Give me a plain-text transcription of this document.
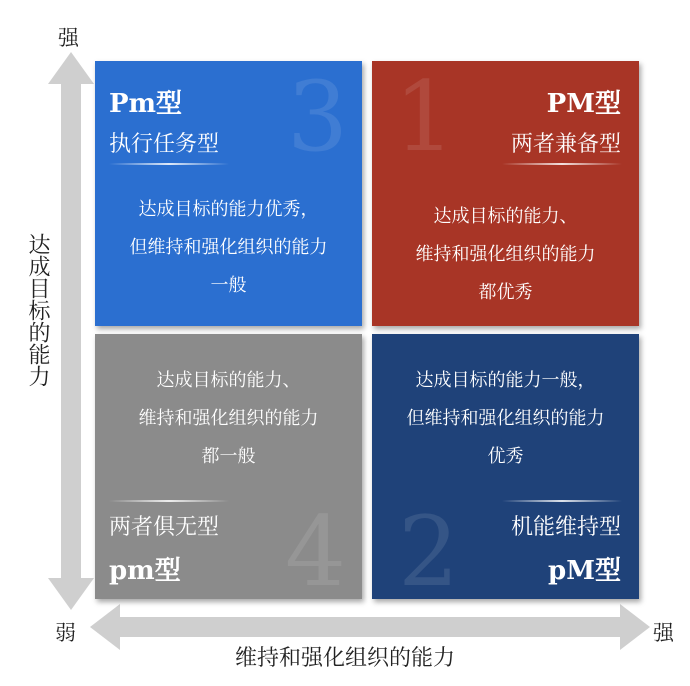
强
弱	强
达成目标的能力
维持和强化组织的能力
3
Pm型
执行任务型
达成目标的能力优秀，
但维持和强化组织的能力
一般
1	PM型
两者兼备型
达成目标的能力、
维持和强化组织的能力
都优秀
4
达成目标的能力、
维持和强化组织的能力
都一般
两者俱无型
pm型 2
达成目标的能力一般，
但维持和强化组织的能力
优秀
机能维持型
pM型
